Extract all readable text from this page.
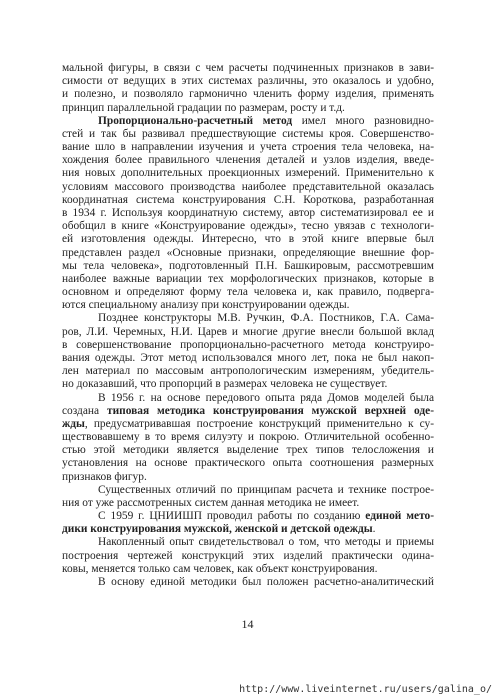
мальной фигуры, в связи с чем расчеты подчиненных признаков в зави-
симости от ведущих в этих системах различны, это оказалось и удобно,
и полезно, и позволяло гармонично членить форму изделия, применять
принцип параллельной градации по размерам, росту и т.д.
Пропорционально-расчетный метод имел много разновидно-
стей и так бы развивал предшествующие системы кроя. Совершенство-
вание шло в направлении изучения и учета строения тела человека, на-
хождения более правильного членения деталей и узлов изделия, введе-
ния новых дополнительных проекционных измерений. Применительно к
условиям массового производства наиболее представительной оказалась
координатная система конструирования С.Н. Короткова, разработанная
в 1934 г. Используя координатную систему, автор систематизировал ее и
обобщил в книге «Конструирование одежды», тесно увязав с технологи-
ей изготовления одежды. Интересно, что в этой книге впервые был
представлен раздел «Основные признаки, определяющие внешние фор-
мы тела человека», подготовленный П.Н. Башкировым, рассмотревшим
наиболее важные вариации тех морфологических признаков, которые в
основном и определяют форму тела человека и, как правило, подверга-
ются специальному анализу при конструировании одежды.
Позднее конструкторы М.В. Ручкин, Ф.А. Постников, Г.А. Сама-
ров, Л.И. Черемных, Н.И. Царев и многие другие внесли большой вклад
в совершенствование пропорционально-расчетного метода конструиро-
вания одежды. Этот метод использовался много лет, пока не был накоп-
лен материал по массовым антропологическим измерениям, убедитель-
но доказавший, что пропорций в размерах человека не существует.
В 1956 г. на основе передового опыта ряда Домов моделей была
создана типовая методика конструирования мужской верхней оде-
жды, предусматривавшая построение конструкций применительно к су-
ществовавшему в то время силуэту и покрою. Отличительной особенно-
стью этой методики является выделение трех типов телосложения и
установления на основе практического опыта соотношения размерных
признаков фигур.
Существенных отличий по принципам расчета и технике построе-
ния от уже рассмотренных систем данная методика не имеет.
С 1959 г. ЦНИИШП проводил работы по созданию единой мето-
дики конструирования мужской, женской и детской одежды.
Накопленный опыт свидетельствовал о том, что методы и приемы
построения чертежей конструкций этих изделий практически одина-
ковы, меняется только сам человек, как объект конструирования.
В основу единой методики был положен расчетно-аналитический
14
http://www.liveinternet.ru/users/galina_o/
